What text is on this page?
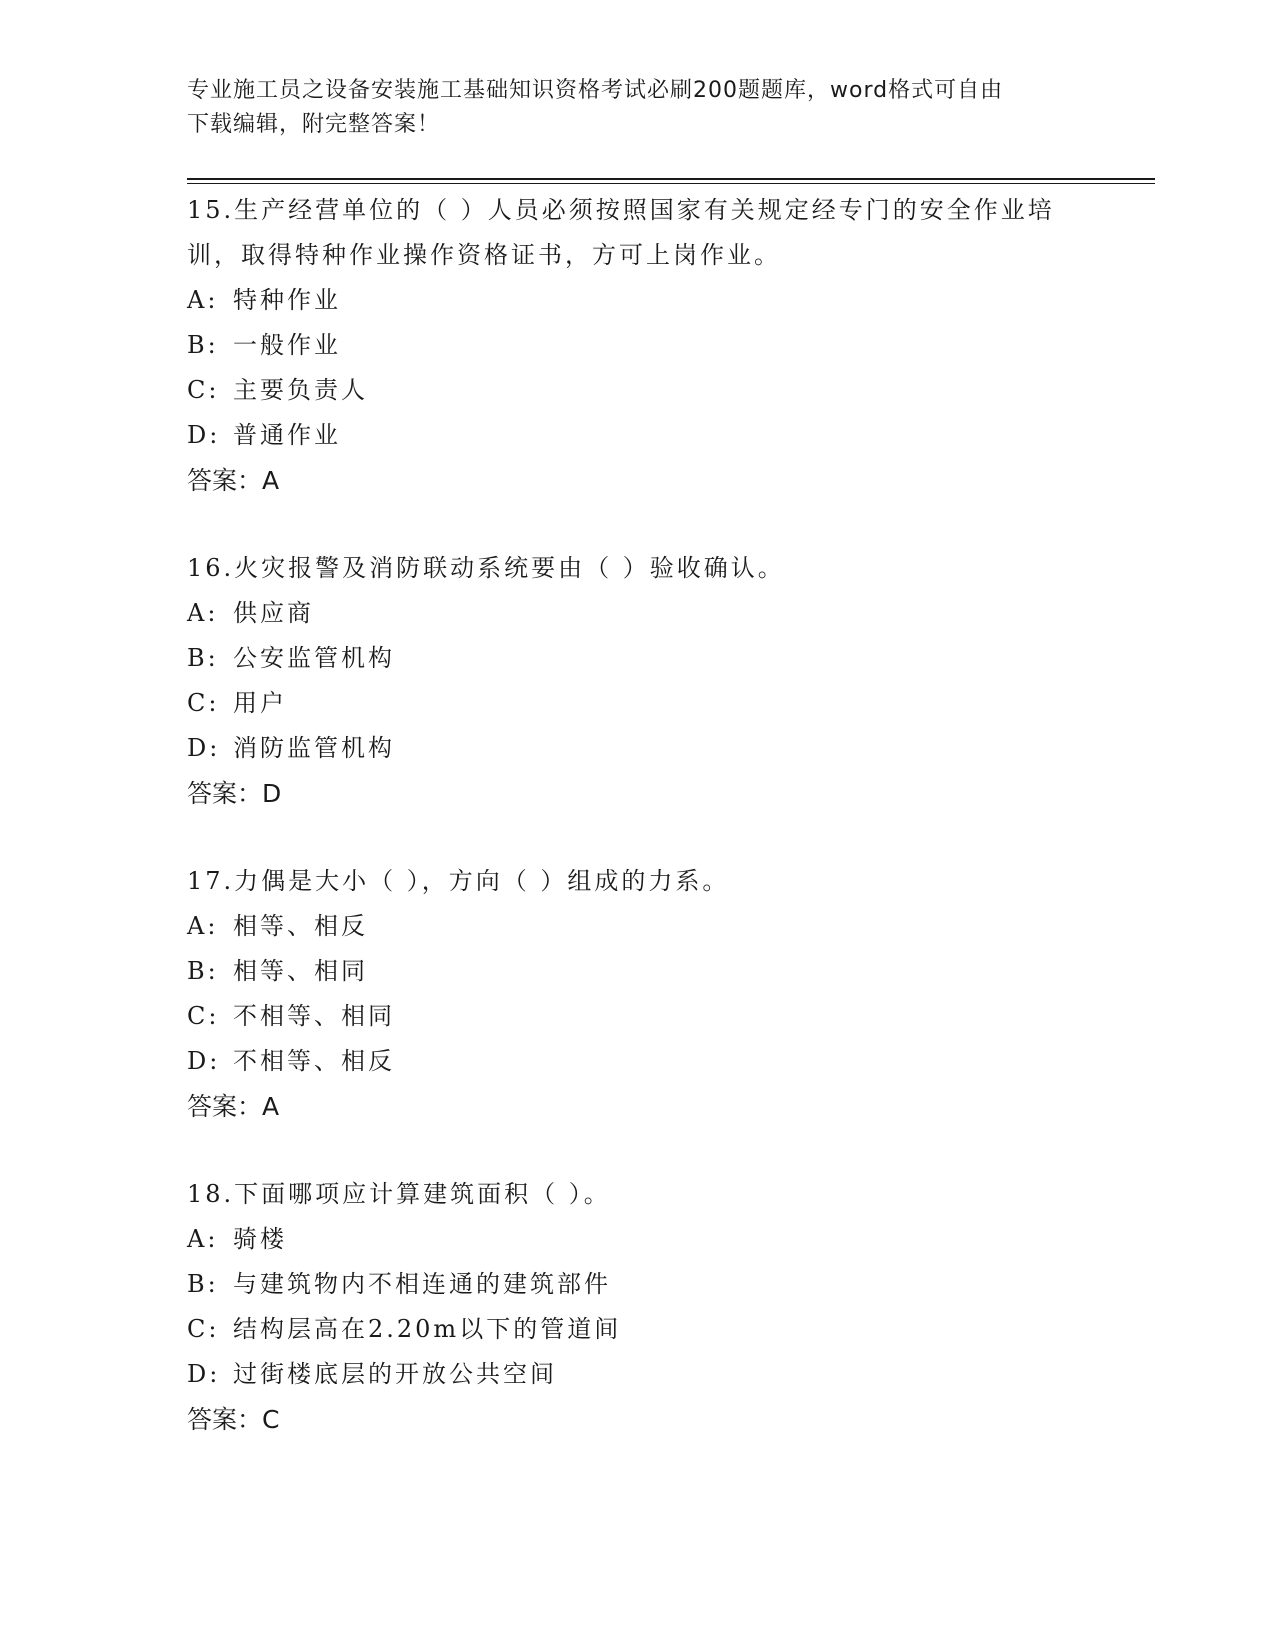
专业施工员之设备安装施工基础知识资格考试必刷200题题库，word格式可自由
下载编辑，附完整答案！

15.生产经营单位的（ ）人员必须按照国家有关规定经专门的安全作业培训，取得特种作业操作资格证书，方可上岗作业。

A: 特种作业
B: 一般作业
C: 主要负责人
D: 普通作业
答案：A

16.火灾报警及消防联动系统要由（ ）验收确认。

A: 供应商
B: 公安监管机构
C: 用户
D: 消防监管机构
答案：D

17.力偶是大小（ ），方向（ ）组成的力系。

A: 相等、相反
B: 相等、相同
C: 不相等、相同
D: 不相等、相反
答案：A

18.下面哪项应计算建筑面积（ ）。

A: 骑楼
B: 与建筑物内不相连通的建筑部件
C: 结构层高在2.20m以下的管道间
D: 过街楼底层的开放公共空间
答案：C
